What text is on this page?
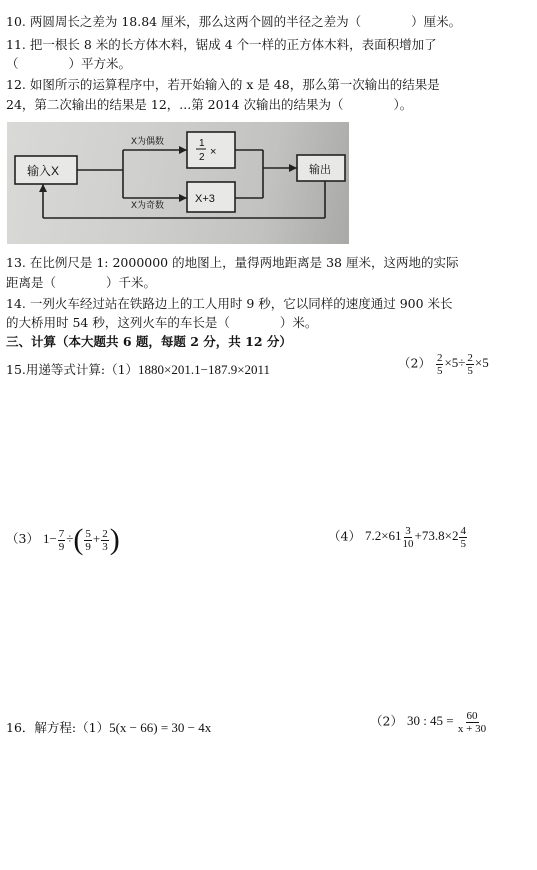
10. 两圆周长之差为 18.84 厘米，那么这两个圆的半径之差为（　　　　）厘米。
11. 把一根长 8 米的长方体木料，锯成 4 个一样的正方体木料，表面积增加了
（　　　　）平方米。
12. 如图所示的运算程序中，若开始输入的 x 是 48，那么第一次输出的结果是
24，第二次输出的结果是 12，...第 2014 次输出的结果为（　　　　）。
输入X
X为偶数
X为奇数
1
2 ×
X+3
输出
13. 在比例尺是 1: 2000000 的地图上，量得两地距离是 38 厘米，这两地的实际
距离是（　　　　）千米。
14. 一列火车经过站在铁路边上的工人用时 9 秒，它以同样的速度通过 900 米长
的大桥用时 54 秒，这列火车的车长是（　　　　）米。
三、计算（本大题共 6 题，每题 2 分，共 12 分）
15.用递等式计算:（1）1880×201.1−187.9×2011	$(2) \frac{2}{5} \times 5\div \frac{2}{5} \times 5$
（3） $1- \frac{7}{9}$ ÷( $\frac{5}{9} + \frac{2}{3}$ )	（4） $7.2\times 61 \frac{3}{10} +73.8\times 2 \frac{4}{5}$
16．解方程:（1）5(x − 66) = 30 − 4x	（2） 30 : $45 = \frac{60}{x + 30}$
